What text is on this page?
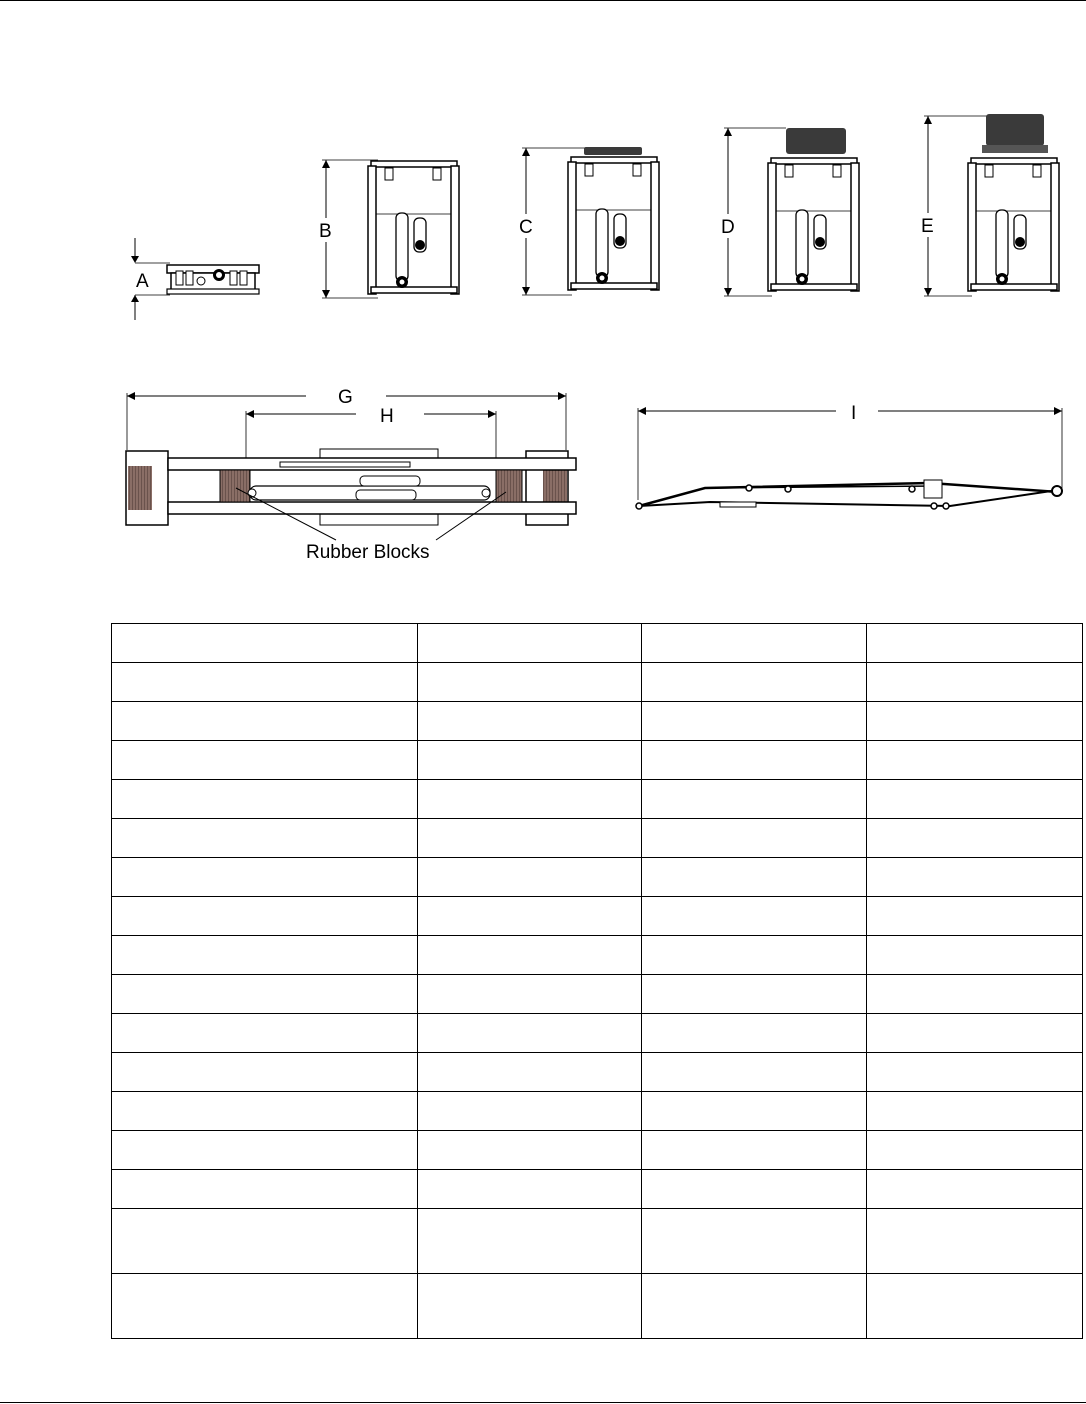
A
B	C	D	E
G
H
Rubber Blocks
I
